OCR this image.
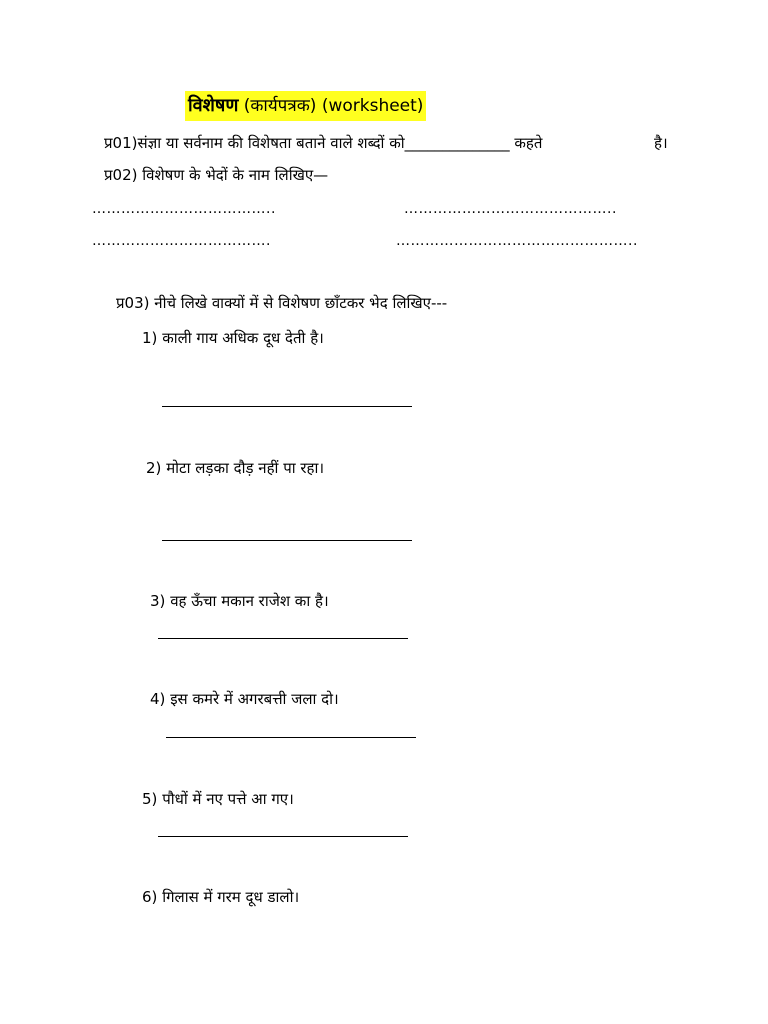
विशेषण (कार्यपत्रक) (worksheet)
प्र01)संज्ञा या सर्वनाम की विशेषता बताने वाले शब्दों को______________ कहते	है।
प्र02) विशेषण के भेदों के नाम लिखिए—
………………………………..	……………………………………..
……………………………….	…………………………………………..
प्र03) नीचे लिखे वाक्यों में से विशेषण छाँटकर भेद लिखिए---
1) काली गाय अधिक दूध देती है।
2) मोटा लड़का दौड़ नहीं पा रहा।
3) वह ऊँचा मकान राजेश का है।
4) इस कमरे में अगरबत्ती जला दो।
5) पौधों में नए पत्ते आ गए।
6) गिलास में गरम दूध डालो।
